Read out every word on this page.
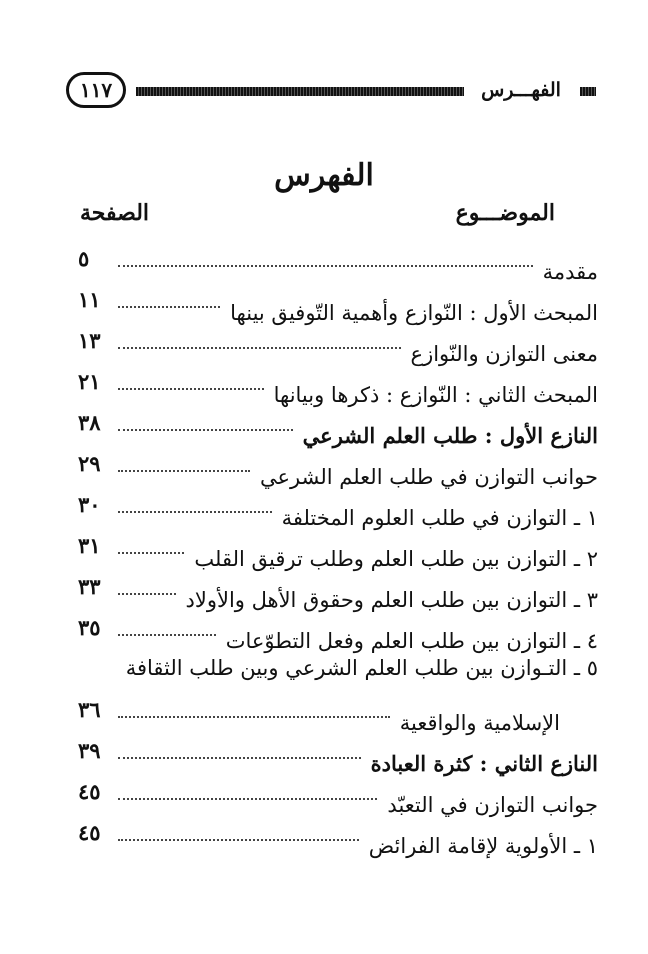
١١٧	الفهـــرس
الفهرس
الموضـــوع
الصفحة
مقدمة
٥
المبحث الأول : النّوازع وأهمية التّوفيق بينها
١١
معنى التوازن والنّوازع
١٣
المبحث الثاني : النّوازع : ذكرها وبيانها
٢١
النازع الأول : طلب العلم الشرعي
٣٨
حوانب التوازن في طلب العلم الشرعي
٢٩
١ ـ التوازن في طلب العلوم المختلفة
٣٠
٢ ـ التوازن بين طلب العلم وطلب ترقيق القلب
٣١
٣ ـ التوازن بين طلب العلم وحقوق الأهل والأولاد
٣٣
٤ ـ التوازن بين طلب العلم وفعل التطوّعات
٣٥
٥ ـ التـوازن بين طلب العلم الشرعي وبين طلب الثقافة
الإسلامية والواقعية
٣٦
النازع الثاني : كثرة العبادة
٣٩
جوانب التوازن في التعبّد
٤٥
١ ـ الأولوية لإقامة الفرائض
٤٥
